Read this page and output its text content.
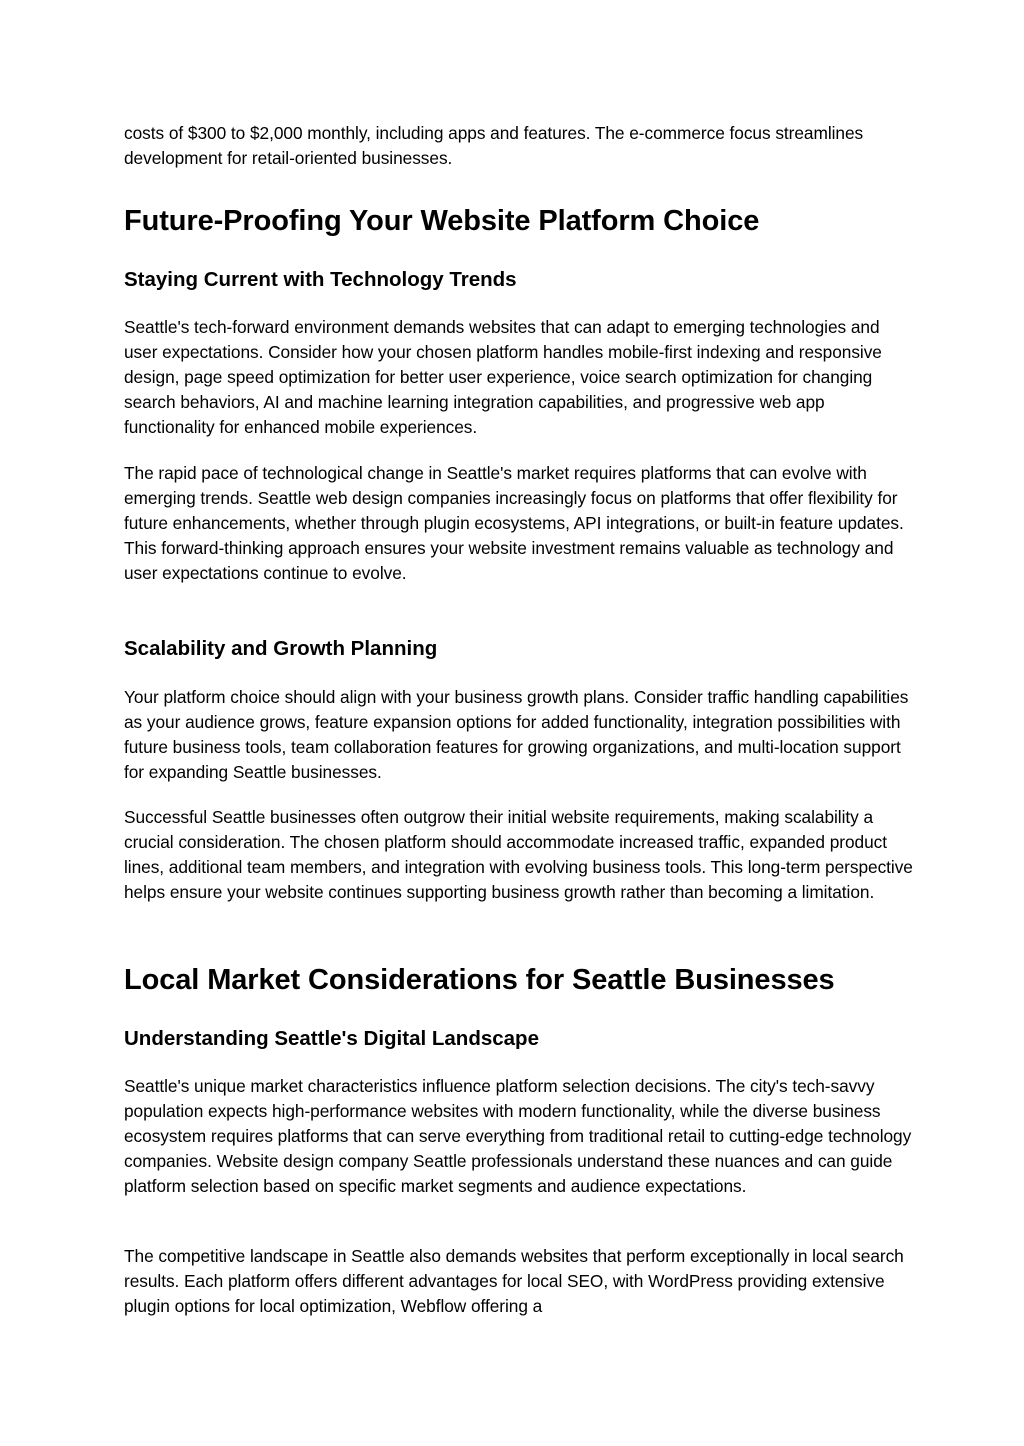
costs of $300 to $2,000 monthly, including apps and features. The e-commerce focus streamlines development for retail-oriented businesses.

Future-Proofing Your Website Platform Choice
Staying Current with Technology Trends

Seattle's tech-forward environment demands websites that can adapt to emerging technologies and user expectations. Consider how your chosen platform handles mobile-first indexing and responsive design, page speed optimization for better user experience, voice search optimization for changing search behaviors, AI and machine learning integration capabilities, and progressive web app functionality for enhanced mobile experiences.

The rapid pace of technological change in Seattle's market requires platforms that can evolve with emerging trends. Seattle web design companies increasingly focus on platforms that offer flexibility for future enhancements, whether through plugin ecosystems, API integrations, or built-in feature updates. This forward-thinking approach ensures your website investment remains valuable as technology and user expectations continue to evolve.

Scalability and Growth Planning

Your platform choice should align with your business growth plans. Consider traffic handling capabilities as your audience grows, feature expansion options for added functionality, integration possibilities with future business tools, team collaboration features for growing organizations, and multi-location support for expanding Seattle businesses.

Successful Seattle businesses often outgrow their initial website requirements, making scalability a crucial consideration. The chosen platform should accommodate increased traffic, expanded product lines, additional team members, and integration with evolving business tools. This long-term perspective helps ensure your website continues supporting business growth rather than becoming a limitation.

Local Market Considerations for Seattle Businesses
Understanding Seattle's Digital Landscape

Seattle's unique market characteristics influence platform selection decisions. The city's tech-savvy population expects high-performance websites with modern functionality, while the diverse business ecosystem requires platforms that can serve everything from traditional retail to cutting-edge technology companies. Website design company Seattle professionals understand these nuances and can guide platform selection based on specific market segments and audience expectations.

The competitive landscape in Seattle also demands websites that perform exceptionally in local search results. Each platform offers different advantages for local SEO, with WordPress providing extensive plugin options for local optimization, Webflow offering a
